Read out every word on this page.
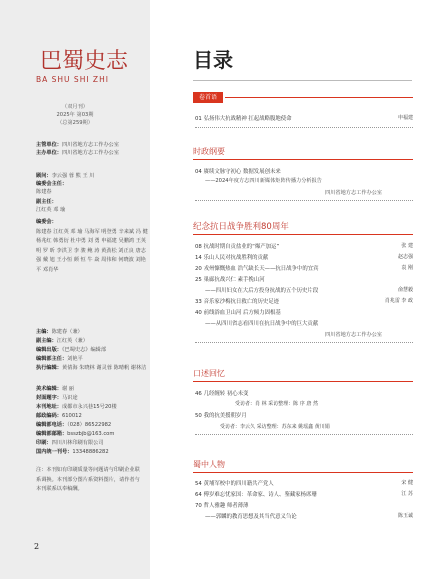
巴蜀史志
BA SHU SHI ZHI
（双月刊）
2025年 第03期
（总第259期）
主管单位：四川省地方志工作办公室
主办单位：四川省地方志工作办公室
顾问：李云强 蓉 熊 王 川
编委会主任：
陈建春
副主任：
江红英 邓 瑜
编委会：
陈建春 江红英 邓 瑜 马海军 明登勇 辛来斌 冯 健 杨兆红 韩勇衍 杜中勇 刘 勇 申福建 吴鹏鸿 王英明 罗 昕 李洪卫 李 骏 鲍 涛 黄劲松 刘正良 唐志强 戴 旭 王小恒 颜 恒 牛 焱 周伟和 何晓波 刘艳平 邓肖华
主编：陈建春（兼）
副主编：江红英（兼）
编辑出版：《巴蜀史志》编辑部
编辑部主任：刘艳平
执行编辑：黄倩海 朱晓林 谢灵蓉 陈晴帆 谢林洁
美术编辑：谢 丽
封面题字：马识途
本刊地址：成都市永兴巷15号20楼
邮政编码：610012
编辑部电话：（028）86522982
编辑部邮箱：bsszbjb@163.com
印刷：四川川林印刷有限公司
国内统一刊号：13348886282
注：本刊如有印刷质量等问题请与印刷企业联系调换。本刊部分图片系资料图片，请作者与本刊联系以奉稿酬。
2
目录
卷首语
01 弘扬伟大抗战精神 扛起战略腹地使命	申福建
时政纲要
04 赓续文脉守初心 数据发展创未来
——2024年度方志四川新媒体矩阵传播力分析报告
四川省地方志工作办公室
纪念抗日战争胜利80周年
08 抗战时期自贡盐业的“爆产加运”	张 建
14 乐山人民对抗战胜利的贡献	赵志强
20 戎州慷慨热血 浩气缺长天——抗日战争中的宜宾	袁 刚
25 巢廊抗战兴仁 素手挽山河
——四川妇女在大后方投身抗战的五个历史片段	俞慧毅
33 音乐家沙梅抗日救亡的历史足迹	肖兆雷 李 政
40 前线浴血卫山河 后方倾力固根基
——从四川省志看四川在抗日战争中的巨大贡献
四川省地方志工作办公室
口述回忆
46 几经缠转 初心未变
受访者：肖 林 采访整理：陈 序 唐 然
50 我的抗美援朝岁月
受访者：李云久 采访整理：苏东来 姚瑶鑫 黄川娟
蜀中人物
54 黄埔军校中的四川籍共产党人	宋 健
64 傅岁难忘忧家国：革命家、诗人、鉴藏家杨席珊	江 苏
70 哲人雅趣 师者薄薄
——郭麟的教育思想及其当代意义刍论	陈玉诚
